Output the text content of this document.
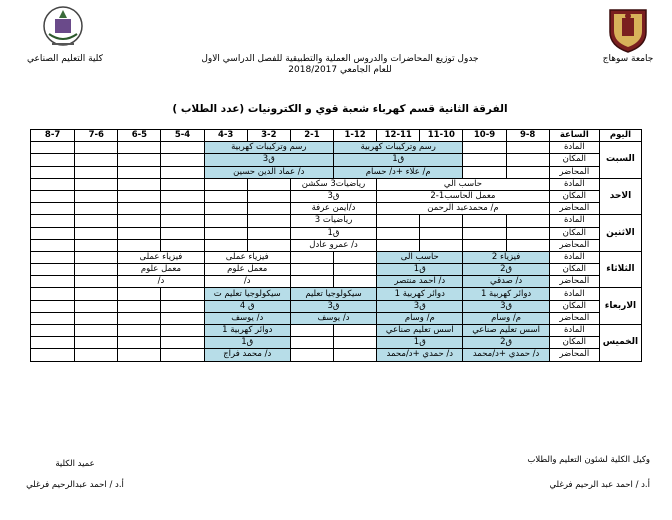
جامعة سوهاج
كلية التعليم الصناعي	جدول توزيع المحاضرات والدروس العملية والتطبيقية للفصل الدراسي الاول
للعام الجامعي 2018/2017
الفرقة الثانية قسم كهرباء شعبة قوي و الكترونيات (عدد الطلاب )
اليوم	الساعة	9-8	10-9	11-10	12-11	1-12	2-1	3-2	4-3	5-4	6-5	7-6	8-7
السبت	المادة			رسم وتركيبات كهربية			رسم وتركيبات كهربية						
	المكان			ق1			ق3						
	المحاضر			م/ علاء +د/ حسام			د/ عماد الدين حسين						
الاحد	المادة	حاسب آلي				رياضيات3 سكشن							
	المكان	معمل الحاسب1-2				ق3							
	المحاضر	م/ محمدعبد الرحمن				د/ايمن عرفة							
الاثنين	المادة					رياضيات 3							
	المكان					ق1							
	المحاضر					د/ عمرو عادل							
الثلاثاء	المادة	فيزياء 2		حاسب الى				فيزياء عملى		فيزياء عملى			
	المكان	ق2		ق1				معمل علوم		معمل علوم			
	المحاضر	د/ صدقي		د/ احمد منتصر				د/		د/			
الاربعاء	المادة	دوائر كهربية 1		دوائر كهربية 1		سيكولوجيا تعليم		سيكولوجيا تعليم ت					
	المكان	ق3		ق3		ق3		ق 4					
	المحاضر	م/ وسام		م/ وسام		د/ يوسف		د/ يوسف					
الخميس	المادة	اسس تعليم صناعي		اسس تعليم صناعي				دوائر كهربية 1					
	المكان	ق2		ق1				ق1					
	المحاضر	د/ حمدي +د/محمد		د/ حمدي +د/محمد				د/ محمد فراج					
وكيل الكلية لشئون التعليم والطلاب
أ.د / احمد عبد الرحيم فرغلي
عميد الكلية
أ.د / احمد عبدالرحيم فرغلي
